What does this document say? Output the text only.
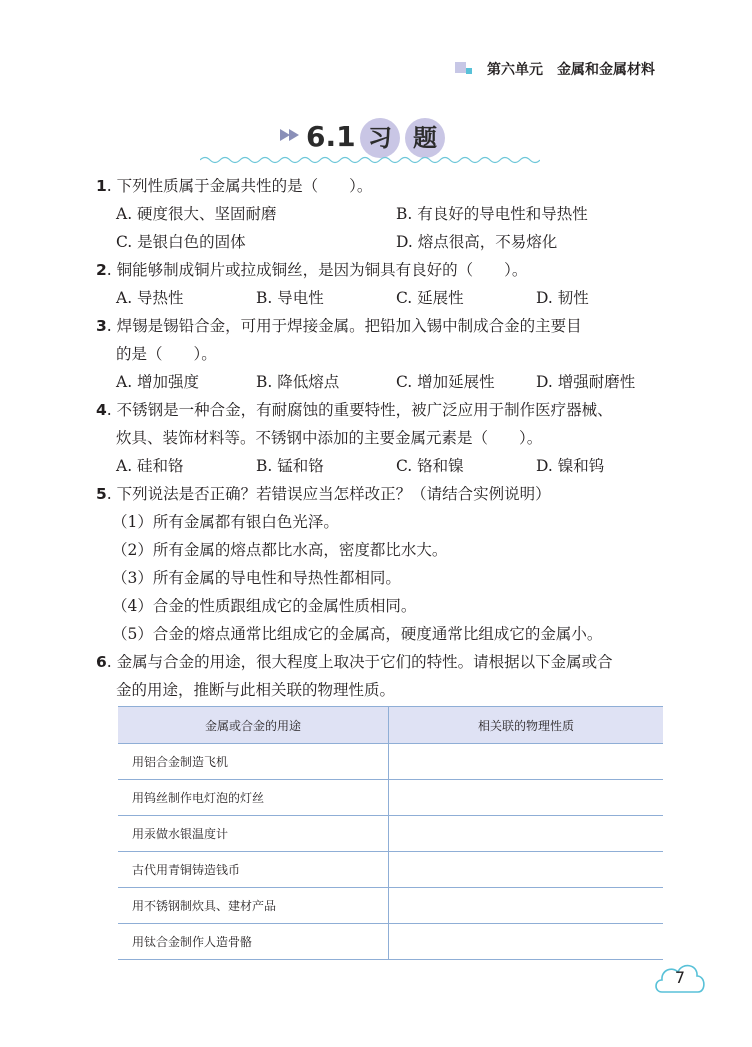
第六单元 金属和金属材料
6.1 习 题
1. 下列性质属于金属共性的是（　　）。
A. 硬度很大、坚固耐磨	B. 有良好的导电性和导热性
C. 是银白色的固体	D. 熔点很高，不易熔化
2. 铜能够制成铜片或拉成铜丝，是因为铜具有良好的（　　）。
A. 导热性	B. 导电性	C. 延展性	D. 韧性
3. 焊锡是锡铅合金，可用于焊接金属。把铅加入锡中制成合金的主要目
的是（　　）。
A. 增加强度	B. 降低熔点	C. 增加延展性	D. 增强耐磨性
4. 不锈钢是一种合金，有耐腐蚀的重要特性，被广泛应用于制作医疗器械、
炊具、装饰材料等。不锈钢中添加的主要金属元素是（　　）。
A. 硅和铬	B. 锰和铬	C. 铬和镍	D. 镍和钨
5. 下列说法是否正确？若错误应当怎样改正？（请结合实例说明）
（1）所有金属都有银白色光泽。
（2）所有金属的熔点都比水高，密度都比水大。
（3）所有金属的导电性和导热性都相同。
（4）合金的性质跟组成它的金属性质相同。
（5）合金的熔点通常比组成它的金属高，硬度通常比组成它的金属小。
6. 金属与合金的用途，很大程度上取决于它们的特性。请根据以下金属或合
金的用途，推断与此相关联的物理性质。
金属或合金的用途	相关联的物理性质
用铝合金制造飞机	
用钨丝制作电灯泡的灯丝	
用汞做水银温度计	
古代用青铜铸造钱币	
用不锈钢制炊具、建材产品	
用钛合金制作人造骨骼	
7
